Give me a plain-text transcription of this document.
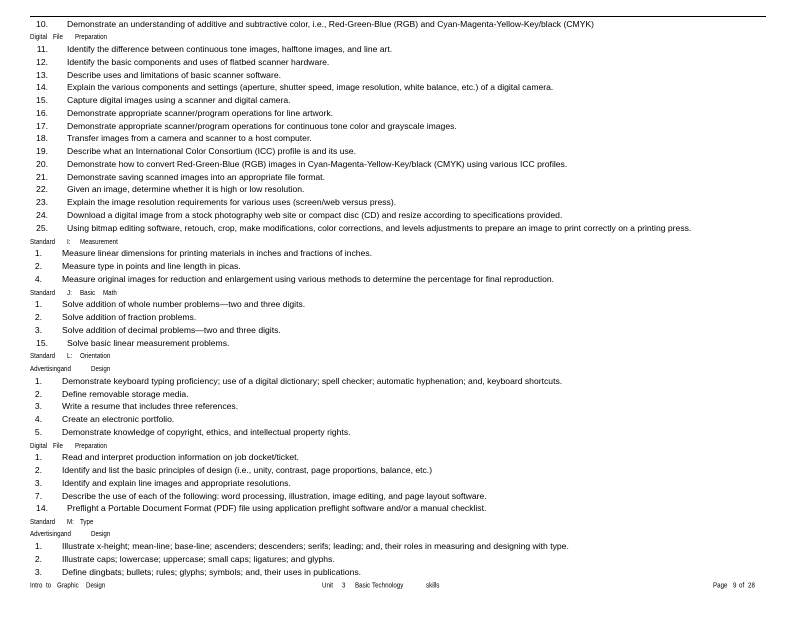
10. Demonstrate an understanding of additive and subtractive color, i.e., Red-Green-Blue (RGB) and Cyan-Magenta-Yellow-Key/black (CMYK)
Digital File Preparation
11. Identify the difference between continuous tone images, halftone images, and line art.
12. Identify the basic components and uses of flatbed scanner hardware.
13. Describe uses and limitations of basic scanner software.
14. Explain the various components and settings (aperture, shutter speed, image resolution, white balance, etc.) of a digital camera.
15. Capture digital images using a scanner and digital camera.
16. Demonstrate appropriate scanner/program operations for line artwork.
17. Demonstrate appropriate scanner/program operations for continuous tone color and grayscale images.
18. Transfer images from a camera and scanner to a host computer.
19. Describe what an International Color Consortium (ICC) profile is and its use.
20. Demonstrate how to convert Red-Green-Blue (RGB) images in Cyan-Magenta-Yellow-Key/black (CMYK) using various ICC profiles.
21. Demonstrate saving scanned images into an appropriate file format.
22. Given an image, determine whether it is high or low resolution.
23. Explain the image resolution requirements for various uses (screen/web versus press).
24. Download a digital image from a stock photography web site or compact disc (CD) and resize according to specifications provided.
25. Using bitmap editing software, retouch, crop, make modifications, color corrections, and levels adjustments to prepare an image to print correctly on a printing press.
Standard I: Measurement
1. Measure linear dimensions for printing materials in inches and fractions of inches.
2. Measure type in points and line length in picas.
4. Measure original images for reduction and enlargement using various methods to determine the percentage for final reproduction.
Standard J: Basic Math
1. Solve addition of whole number problems—two and three digits.
2. Solve addition of fraction problems.
3. Solve addition of decimal problems—two and three digits.
15. Solve basic linear measurement problems.
Standard L: Orientation
Advertisingand	Design
1. Demonstrate keyboard typing proficiency; use of a digital dictionary; spell checker; automatic hyphenation; and, keyboard shortcuts.
2. Define removable storage media.
3. Write a resume that includes three references.
4. Create an electronic portfolio.
5. Demonstrate knowledge of copyright, ethics, and intellectual property rights.
Digital File Preparation
1. Read and interpret production information on job docket/ticket.
2. Identify and list the basic principles of design (i.e., unity, contrast, page proportions, balance, etc.)
3. Identify and explain line images and appropriate resolutions.
7. Describe the use of each of the following: word processing, illustration, image editing, and page layout software.
14. Preflight a Portable Document Format (PDF) file using application preflight software and/or a manual checklist.
Standard M: Type
Advertisingand	Design
1. Illustrate x-height; mean-line; base-line; ascenders; descenders; serifs; leading; and, their roles in measuring and designing with type.
2. Illustrate caps; lowercase; uppercase; small caps; ligatures; and glyphs.
3. Define dingbats; bullets; rules; glyphs; symbols; and, their uses in publications.
Intro to Graphic Design	Unit 3 Basic Technology	skills	Page 9 of 28
